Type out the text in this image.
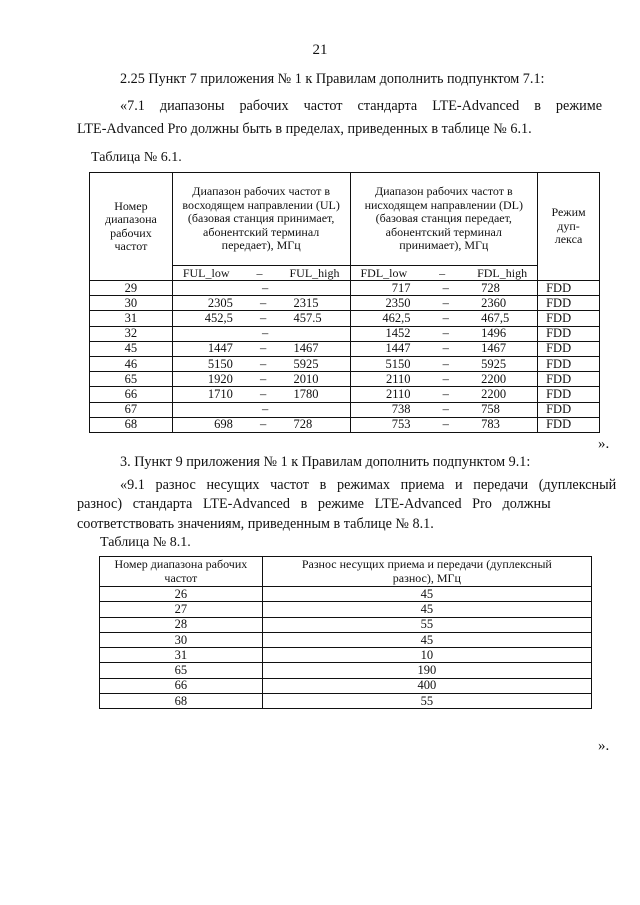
21
2.25 Пункт 7 приложения № 1 к Правилам дополнить подпунктом 7.1:
«7.1   диапазоны   рабочих   частот   стандарта   LTE-Advanced   в   режиме
LTE-Advanced Pro должны быть в пределах, приведенных в таблице № 6.1.
Таблица № 6.1.
Номер диапазона рабочих частот	Диапазон рабочих частот в восходящем направлении (UL) (базовая станция принимает, абонентский терминал передает), МГц	Диапазон рабочих частот в нисходящем направлении (DL) (базовая станция передает, абонентский терминал принимает), МГц	Режим дуп-лекса

	FUL_low – FUL_high	FDL_low – FDL_high	

29	–	717 – 728	FDD
30	2305 – 2315	2350 – 2360	FDD
31	452,5 – 457.5	462,5 – 467,5	FDD
32	–	1452 – 1496	FDD
45	1447 – 1467	1447 – 1467	FDD
46	5150 – 5925	5150 – 5925	FDD
65	1920 – 2010	2110 – 2200	FDD
66	1710 – 1780	2110 – 2200	FDD
67	–	738 – 758	FDD
68	698 – 728	753 – 783	FDD
».
3. Пункт 9 приложения № 1 к Правилам дополнить подпунктом 9.1:
«9.1   разнос   несущих   частот   в   режимах   приема   и   передачи   (дуплексный
разнос)   стандарта   LTE-Advanced   в   режиме   LTE-Advanced   Pro   должны
соответствовать значениям, приведенным в таблице № 8.1.
Таблица № 8.1.
Номер диапазона рабочих частот	Разнос несущих приема и передачи (дуплексный разнос), МГц
26	45
27	45
28	55
30	45
31	10
65	190
66	400
68	55
».
